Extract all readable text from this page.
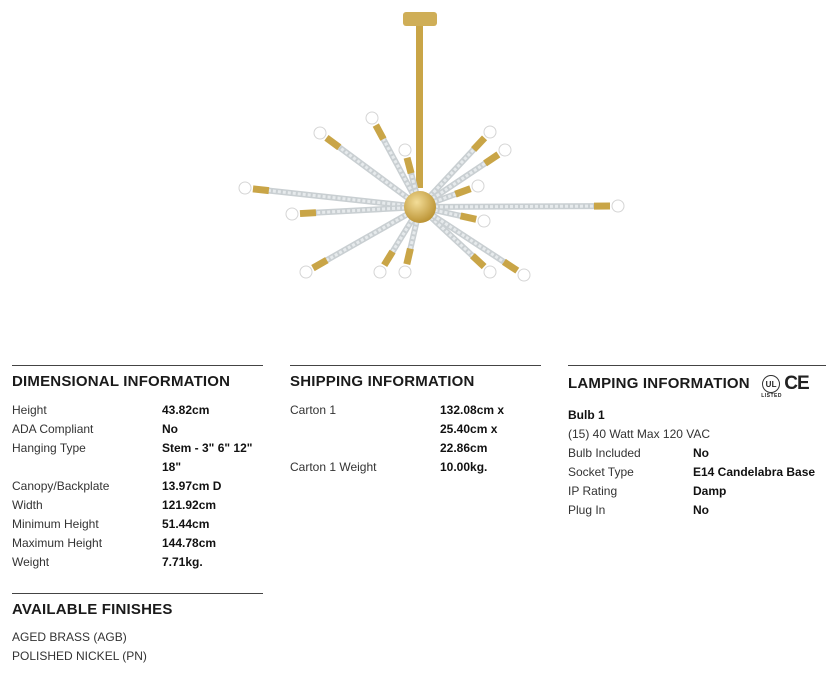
DIMENSIONAL INFORMATION
Height	43.82cm
ADA Compliant	No
Hanging Type	Stem - 3" 6" 12" 18"
Canopy/Backplate	13.97cm D
Width	121.92cm
Minimum Height	51.44cm
Maximum Height	144.78cm
Weight	7.71kg.
SHIPPING INFORMATION
Carton 1	132.08cm x 25.40cm x 22.86cm
Carton 1 Weight	10.00kg.
LAMPING INFORMATION UL
LISTED
CE
Bulb 1
(15) 40 Watt Max 120 VAC
Bulb Included	No
Socket Type	E14 Candelabra Base
IP Rating	Damp
Plug In	No
AVAILABLE FINISHES
AGED BRASS (AGB)
POLISHED NICKEL (PN)
